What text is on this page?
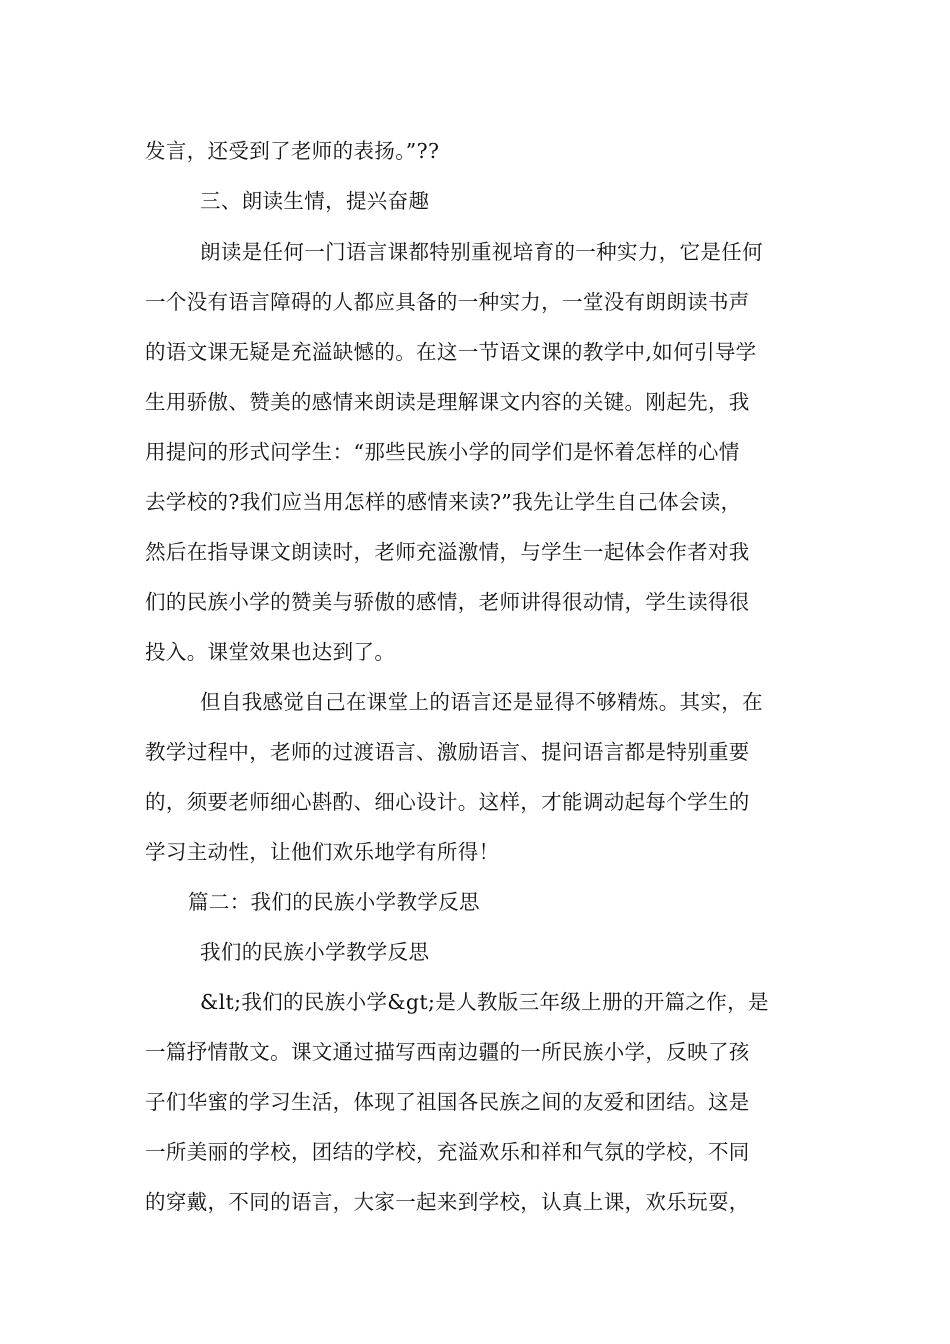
发言，还受到了老师的表扬。”??
三、朗读生情，提兴奋趣
朗读是任何一门语言课都特别重视培育的一种实力，它是任何
一个没有语言障碍的人都应具备的一种实力，一堂没有朗朗读书声
的语文课无疑是充溢缺憾的。在这一节语文课的教学中,如何引导学
生用骄傲、赞美的感情来朗读是理解课文内容的关键。刚起先，我
用提问的形式问学生：“那些民族小学的同学们是怀着怎样的心情
去学校的?我们应当用怎样的感情来读?”我先让学生自己体会读，
然后在指导课文朗读时，老师充溢激情，与学生一起体会作者对我
们的民族小学的赞美与骄傲的感情，老师讲得很动情，学生读得很
投入。课堂效果也达到了。
但自我感觉自己在课堂上的语言还是显得不够精炼。其实，在
教学过程中，老师的过渡语言、激励语言、提问语言都是特别重要
的，须要老师细心斟酌、细心设计。这样，才能调动起每个学生的
学习主动性，让他们欢乐地学有所得！
篇二：我们的民族小学教学反思
我们的民族小学教学反思
&lt;我们的民族小学&gt;是人教版三年级上册的开篇之作，是
一篇抒情散文。课文通过描写西南边疆的一所民族小学，反映了孩
子们华蜜的学习生活，体现了祖国各民族之间的友爱和团结。这是
一所美丽的学校，团结的学校，充溢欢乐和祥和气氛的学校，不同
的穿戴，不同的语言，大家一起来到学校，认真上课，欢乐玩耍，
